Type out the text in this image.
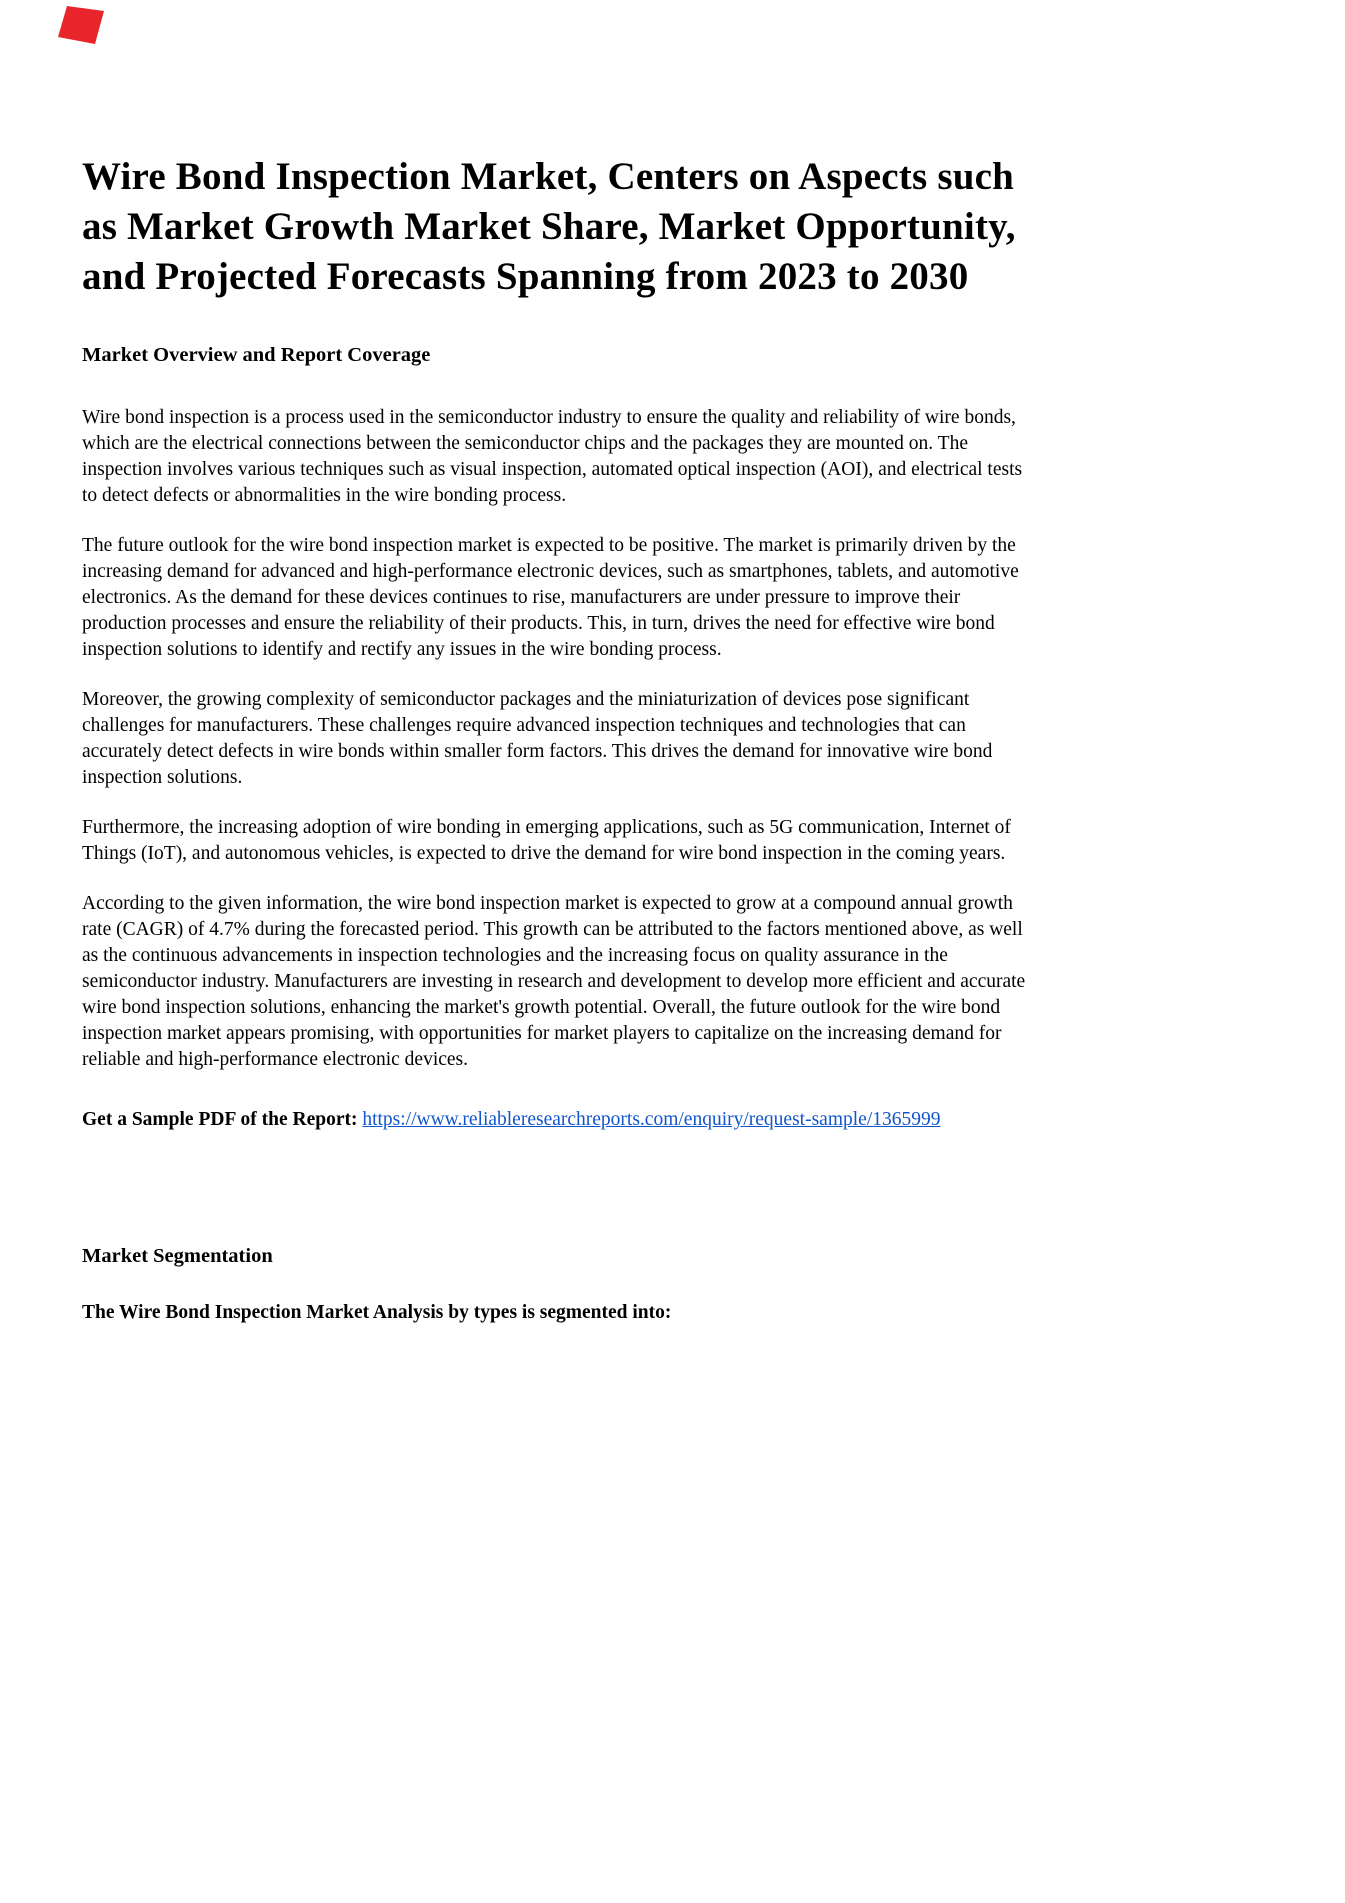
Wire Bond Inspection Market, Centers on Aspects such as Market Growth Market Share, Market Opportunity, and Projected Forecasts Spanning from 2023 to 2030
Market Overview and Report Coverage

Wire bond inspection is a process used in the semiconductor industry to ensure the quality and reliability of wire bonds, which are the electrical connections between the semiconductor chips and the packages they are mounted on. The inspection involves various techniques such as visual inspection, automated optical inspection (AOI), and electrical tests to detect defects or abnormalities in the wire bonding process.

The future outlook for the wire bond inspection market is expected to be positive. The market is primarily driven by the increasing demand for advanced and high-performance electronic devices, such as smartphones, tablets, and automotive electronics. As the demand for these devices continues to rise, manufacturers are under pressure to improve their production processes and ensure the reliability of their products. This, in turn, drives the need for effective wire bond inspection solutions to identify and rectify any issues in the wire bonding process.

Moreover, the growing complexity of semiconductor packages and the miniaturization of devices pose significant challenges for manufacturers. These challenges require advanced inspection techniques and technologies that can accurately detect defects in wire bonds within smaller form factors. This drives the demand for innovative wire bond inspection solutions.

Furthermore, the increasing adoption of wire bonding in emerging applications, such as 5G communication, Internet of Things (IoT), and autonomous vehicles, is expected to drive the demand for wire bond inspection in the coming years.

According to the given information, the wire bond inspection market is expected to grow at a compound annual growth rate (CAGR) of 4.7% during the forecasted period. This growth can be attributed to the factors mentioned above, as well as the continuous advancements in inspection technologies and the increasing focus on quality assurance in the semiconductor industry. Manufacturers are investing in research and development to develop more efficient and accurate wire bond inspection solutions, enhancing the market's growth potential. Overall, the future outlook for the wire bond inspection market appears promising, with opportunities for market players to capitalize on the increasing demand for reliable and high-performance electronic devices.

Get a Sample PDF of the Report: https://www.reliableresearchreports.com/enquiry/request-sample/1365999

Market Segmentation

The Wire Bond Inspection Market Analysis by types is segmented into:
